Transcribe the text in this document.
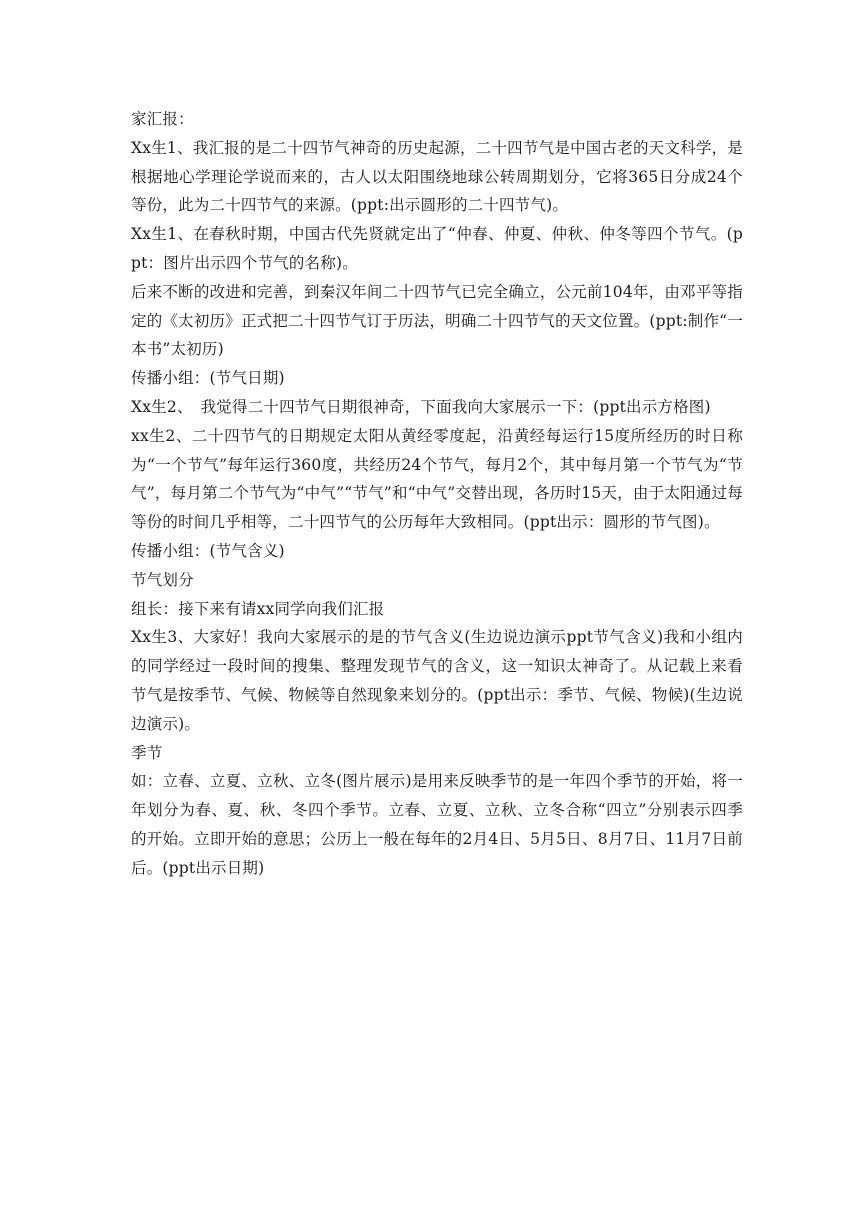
家汇报：

Xx生1、我汇报的是二十四节气神奇的历史起源，二十四节气是中国古老的天文科学，是根据地心学理论学说而来的，古人以太阳围绕地球公转周期划分，它将365日分成24个等份，此为二十四节气的来源。(ppt:出示圆形的二十四节气)。

Xx生1、在春秋时期，中国古代先贤就定出了“仲春、仲夏、仲秋、仲冬等四个节气。(ppt：图片出示四个节气的名称)。

后来不断的改进和完善，到秦汉年间二十四节气已完全确立，公元前104年，由邓平等指定的《太初历》正式把二十四节气订于历法，明确二十四节气的天文位置。(ppt:制作“一本书”太初历)

传播小组：(节气日期)

Xx生2、　我觉得二十四节气日期很神奇，下面我向大家展示一下：(ppt出示方格图)

xx生2、二十四节气的日期规定太阳从黄经零度起，沿黄经每运行15度所经历的时日称为“一个节气”每年运行360度，共经历24个节气，每月2个，其中每月第一个节气为“节气”，每月第二个节气为“中气”“节气”和“中气”交替出现，各历时15天，由于太阳通过每等份的时间几乎相等，二十四节气的公历每年大致相同。(ppt出示：圆形的节气图)。

传播小组：(节气含义)

节气划分

组长：接下来有请xx同学向我们汇报

Xx生3、大家好！我向大家展示的是的节气含义(生边说边演示ppt节气含义)我和小组内的同学经过一段时间的搜集、整理发现节气的含义，这一知识太神奇了。从记载上来看节气是按季节、气候、物候等自然现象来划分的。(ppt出示：季节、气候、物候)(生边说边演示)。

季节

如：立春、立夏、立秋、立冬(图片展示)是用来反映季节的是一年四个季节的开始，将一年划分为春、夏、秋、冬四个季节。立春、立夏、立秋、立冬合称“四立”分别表示四季的开始。立即开始的意思；公历上一般在每年的2月4日、5月5日、8月7日、11月7日前后。(ppt出示日期)
